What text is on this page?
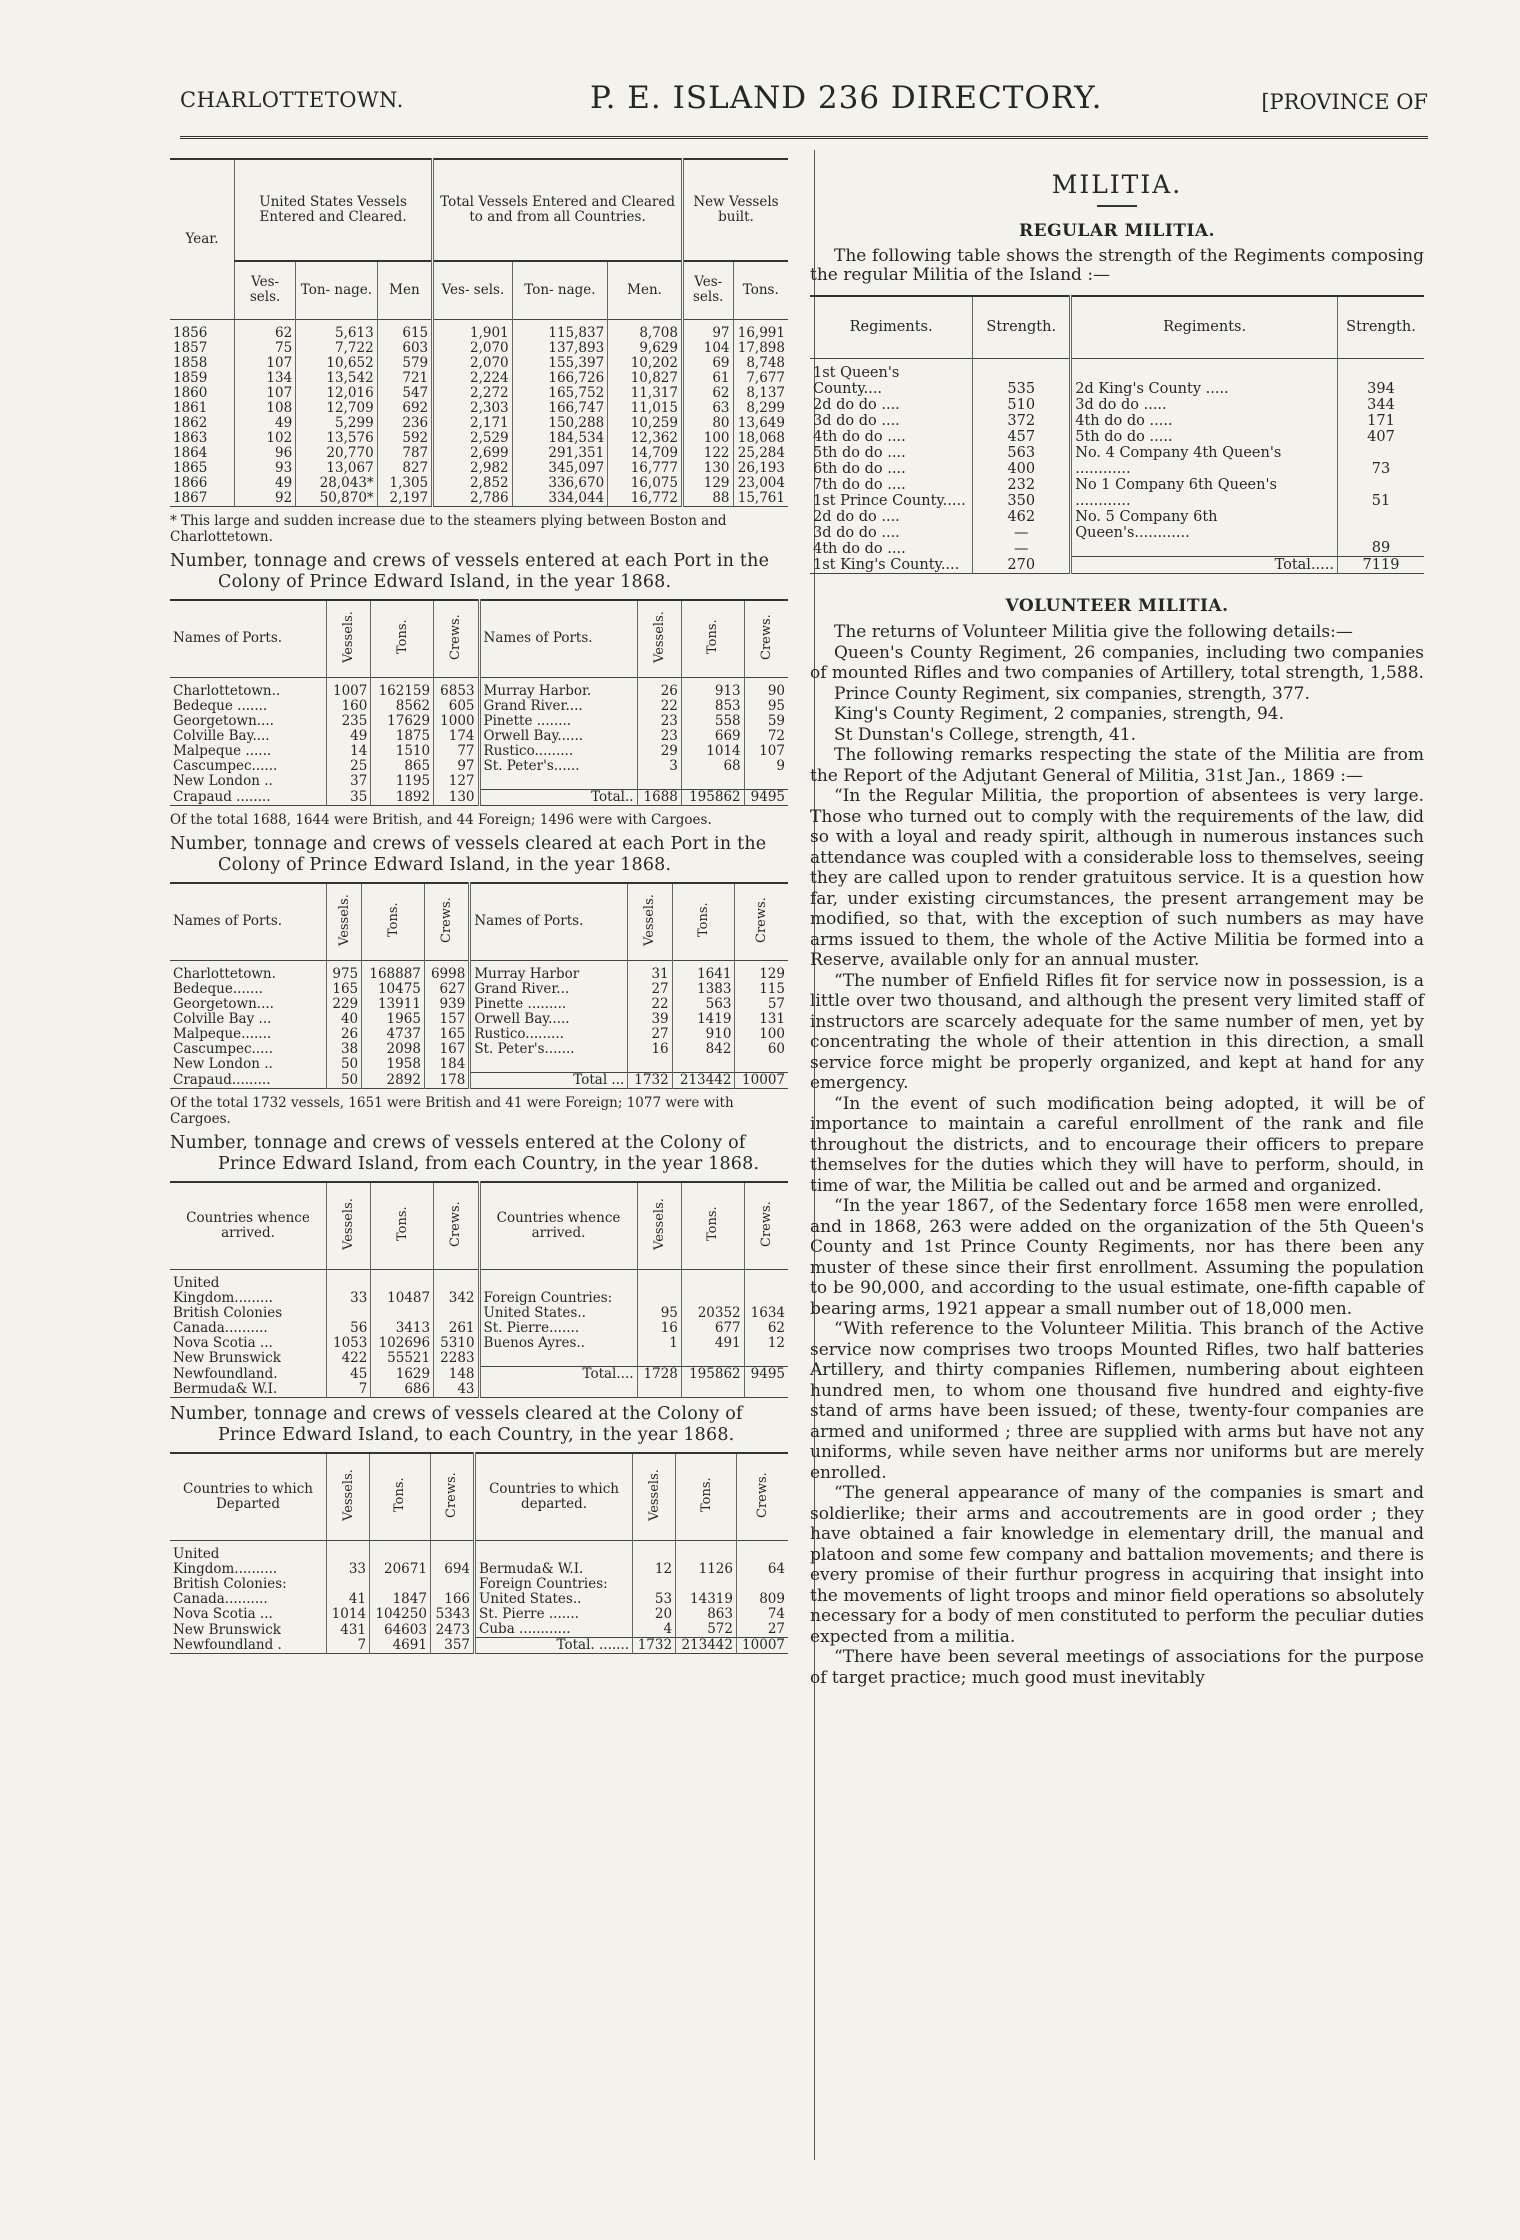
CHARLOTTETOWN.	P. E. ISLAND 236 DIRECTORY.	[PROVINCE OF
Year.	United States Vessels Entered and Cleared.			Total Vessels Entered and Cleared to and from all Countries.			New Vessels built.	
	Ves- sels.	Ton- nage.	Men	Ves- sels.	Ton- nage.	Men.	Ves- sels.	Tons.

1856	62	5,613	615	1,901	115,837	8,708	97	16,991
1857	75	7,722	603	2,070	137,893	9,629	104	17,898
1858	107	10,652	579	2,070	155,397	10,202	69	8,748
1859	134	13,542	721	2,224	166,726	10,827	61	7,677
1860	107	12,016	547	2,272	165,752	11,317	62	8,137
1861	108	12,709	692	2,303	166,747	11,015	63	8,299
1862	49	5,299	236	2,171	150,288	10,259	80	13,649
1863	102	13,576	592	2,529	184,534	12,362	100	18,068
1864	96	20,770	787	2,699	291,351	14,709	122	25,284
1865	93	13,067	827	2,982	345,097	16,777	130	26,193
1866	49	28,043*	1,305	2,852	336,670	16,075	129	23,004
1867	92	50,870*	2,197	2,786	334,044	16,772	88	15,761

* This large and sudden increase due to the steamers plying between Boston and Charlottetown.

Number, tonnage and crews of vessels entered at each Port in the Colony of Prince Edward Island, in the year 1868.

Names of Ports.	Vessels.	Tons.	Crews.	Names of Ports.	Vessels.	Tons.	Crews.

Charlottetown..	1007	162159	6853	Murray Harbor.	26	913	90
Bedeque .......	160	8562	605	Grand River....	22	853	95
Georgetown....	235	17629	1000	Pinette ........	23	558	59
Colville Bay....	49	1875	174	Orwell Bay......	23	669	72
Malpeque ......	14	1510	77	Rustico.........	29	1014	107
Cascumpec......	25	865	97	St. Peter's......	3	68	9
New London ..	37	1195	127				
Crapaud ........	35	1892	130	Total..	1688	195862	9495

Of the total 1688, 1644 were British, and 44 Foreign; 1496 were with Cargoes.

Number, tonnage and crews of vessels cleared at each Port in the Colony of Prince Edward Island, in the year 1868.

Names of Ports.	Vessels.	Tons.	Crews.	Names of Ports.	Vessels.	Tons.	Crews.

Charlottetown.	975	168887	6998	Murray Harbor	31	1641	129
Bedeque.......	165	10475	627	Grand River...	27	1383	115
Georgetown....	229	13911	939	Pinette .........	22	563	57
Colville Bay ...	40	1965	157	Orwell Bay.....	39	1419	131
Malpeque.......	26	4737	165	Rustico.........	27	910	100
Cascumpec.....	38	2098	167	St. Peter's.......	16	842	60
New London ..	50	1958	184				
Crapaud.........	50	2892	178	Total ...	1732	213442	10007

Of the total 1732 vessels, 1651 were British and 41 were Foreign; 1077 were with Cargoes.

Number, tonnage and crews of vessels entered at the Colony of Prince Edward Island, from each Country, in the year 1868.

Countries whence arrived.	Vessels.	Tons.	Crews.	Countries whence arrived.	Vessels.	Tons.	Crews.

United Kingdom.........	33	10487	342	Foreign Countries:			
British Colonies				United States..	95	20352	1634
Canada..........	56	3413	261	St. Pierre.......	16	677	62
Nova Scotia ...	1053	102696	5310	Buenos Ayres..	1	491	12
New Brunswick	422	55521	2283				
Newfoundland.	45	1629	148	Total....	1728	195862	9495
Bermuda& W.I.	7	686	43				

Number, tonnage and crews of vessels cleared at the Colony of Prince Edward Island, to each Country, in the year 1868.

Countries to which Departed	Vessels.	Tons.	Crews.	Countries to which departed.	Vessels.	Tons.	Crews.

United Kingdom..........	33	20671	694	Bermuda& W.I.	12	1126	64
British Colonies:				Foreign Countries:			
Canada..........	41	1847	166	United States..	53	14319	809
Nova Scotia ...	1014	104250	5343	St. Pierre .......	20	863	74
New Brunswick	431	64603	2473	Cuba ............	4	572	27
Newfoundland .	7	4691	357	Total. .......	1732	213442	10007
MILITIA.
REGULAR MILITIA.

The following table shows the strength of the Regiments composing the regular Militia of the Island :—

Regiments.	Strength.	Regiments.	Strength.

1st Queen's County....	535	2d King's County .....	394
2d do do ....	510	3d do do .....	344
3d do do ....	372	4th do do .....	171
4th do do ....	457	5th do do .....	407
5th do do ....	563	No. 4 Company 4th Queen's ............	73
6th do do ....	400		
7th do do ....	232	No 1 Company 6th Queen's ............	51
1st Prince County.....	350		
2d do do ....	462	No. 5 Company 6th Queen's............	89
3d do do ....	—		
4th do do ....	—		
1st King's County....	270	Total.....	7119
VOLUNTEER MILITIA.

The returns of Volunteer Militia give the following details:—

Queen's County Regiment, 26 companies, including two companies of mounted Rifles and two companies of Artillery, total strength, 1,588.

Prince County Regiment, six companies, strength, 377.

King's County Regiment, 2 companies, strength, 94.

St Dunstan's College, strength, 41.

The following remarks respecting the state of the Militia are from the Report of the Adjutant General of Militia, 31st Jan., 1869 :—

“In the Regular Militia, the proportion of absentees is very large. Those who turned out to comply with the requirements of the law, did so with a loyal and ready spirit, although in numerous instances such attendance was coupled with a considerable loss to themselves, seeing they are called upon to render gratuitous service. It is a question how far, under existing circumstances, the present arrangement may be modified, so that, with the exception of such numbers as may have arms issued to them, the whole of the Active Militia be formed into a Reserve, available only for an annual muster.

“The number of Enfield Rifles fit for service now in possession, is a little over two thousand, and although the present very limited staff of instructors are scarcely adequate for the same number of men, yet by concentrating the whole of their attention in this direction, a small service force might be properly organized, and kept at hand for any emergency.

“In the event of such modification being adopted, it will be of importance to maintain a careful enrollment of the rank and file throughout the districts, and to encourage their officers to prepare themselves for the duties which they will have to perform, should, in time of war, the Militia be called out and be armed and organized.

“In the year 1867, of the Sedentary force 1658 men were enrolled, and in 1868, 263 were added on the organization of the 5th Queen's County and 1st Prince County Regiments, nor has there been any muster of these since their first enrollment. Assuming the population to be 90,000, and according to the usual estimate, one-fifth capable of bearing arms, 1921 appear a small number out of 18,000 men.

“With reference to the Volunteer Militia. This branch of the Active service now comprises two troops Mounted Rifles, two half batteries Artillery, and thirty companies Riflemen, numbering about eighteen hundred men, to whom one thousand five hundred and eighty-five stand of arms have been issued; of these, twenty-four companies are armed and uniformed ; three are supplied with arms but have not any uniforms, while seven have neither arms nor uniforms but are merely enrolled.

“The general appearance of many of the companies is smart and soldierlike; their arms and accoutrements are in good order ; they have obtained a fair knowledge in elementary drill, the manual and platoon and some few company and battalion movements; and there is every promise of their furthur progress in acquiring that insight into the movements of light troops and minor field operations so absolutely necessary for a body of men constituted to perform the peculiar duties expected from a militia.

“There have been several meetings of associations for the purpose of target practice; much good must inevitably
